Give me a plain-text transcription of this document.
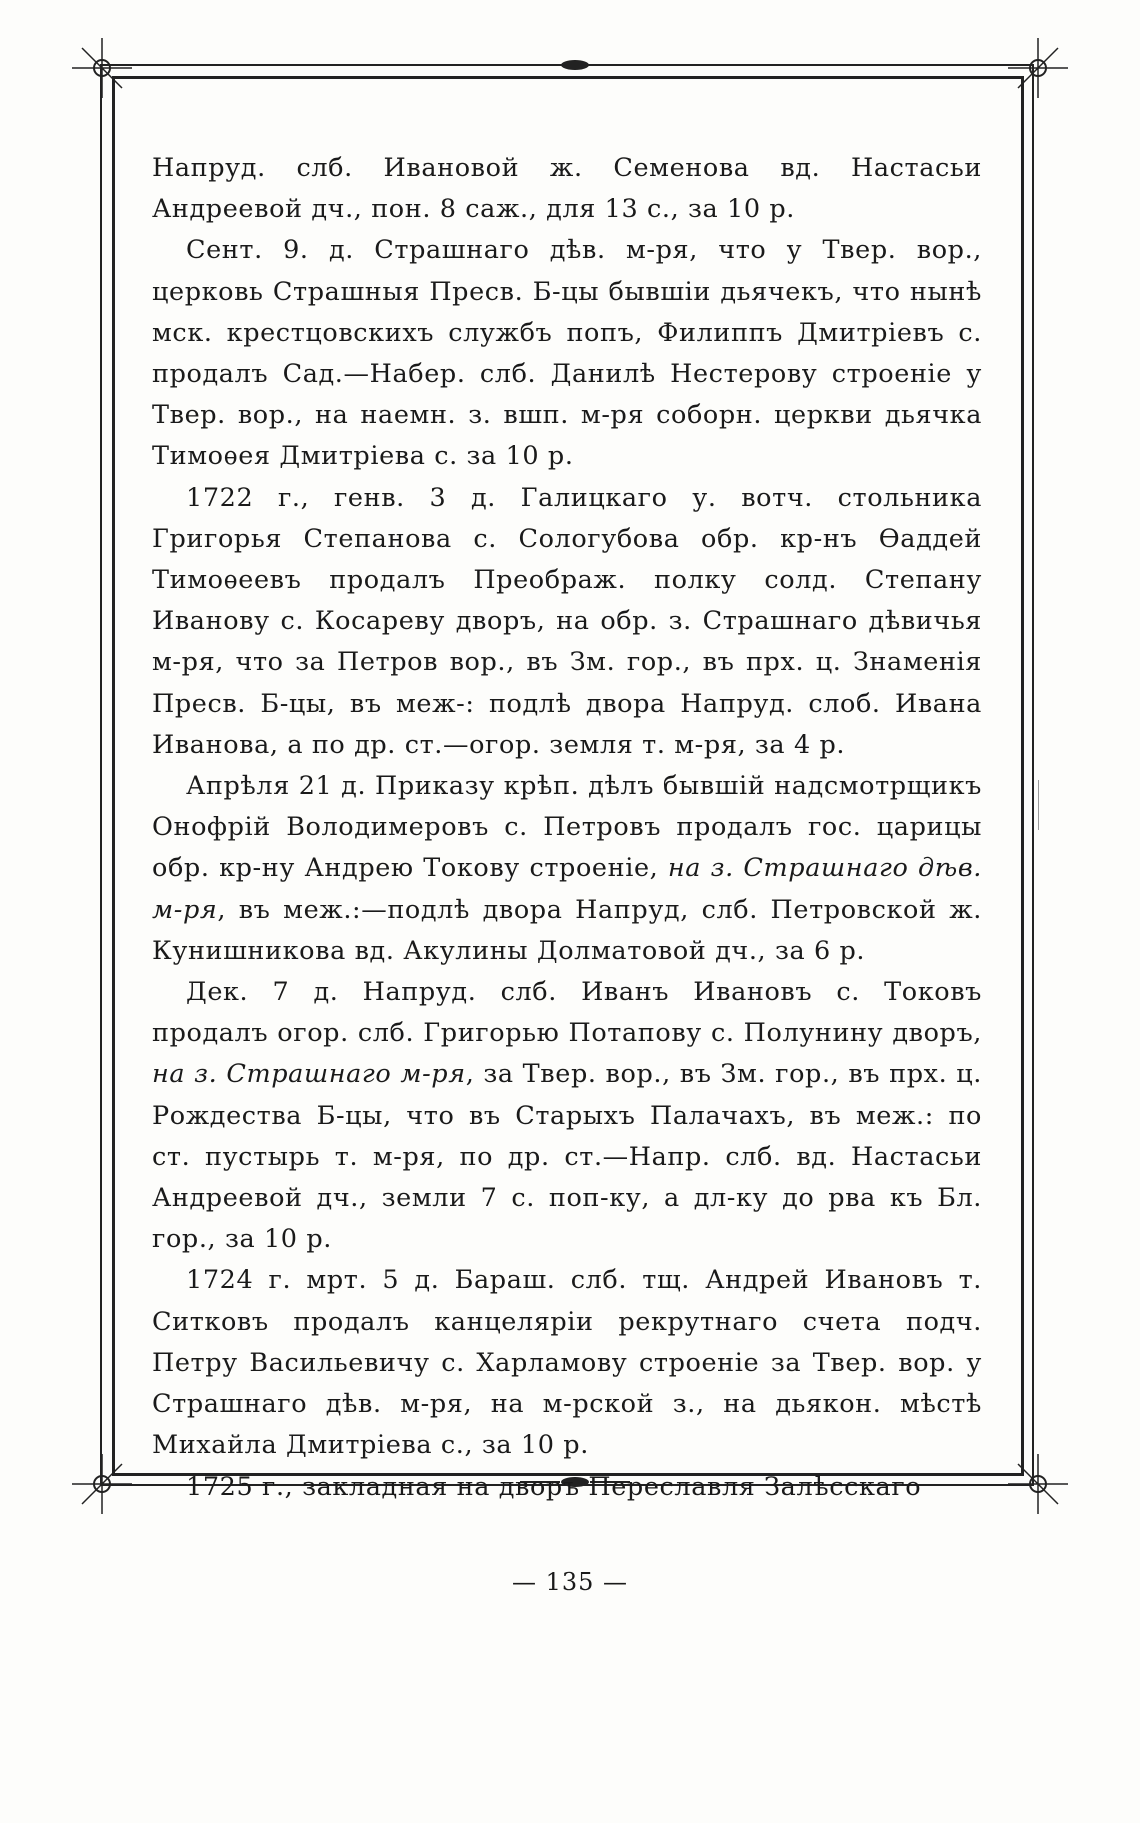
Напруд. слб. Ивановой ж. Семенова вд. Настасьи Андреевой дч., пон. 8 саж., для 13 с., за 10 р.

Сент. 9. д. Страшнаго дѣв. м-ря, что у Твер. вор., церковь Страшныя Пресв. Б-цы бывшіи дьячекъ, что нынѣ мск. крестцовскихъ службъ попъ, Филиппъ Дмитріевъ с. продалъ Сад.—Набер. слб. Данилѣ Нестерову строеніе у Твер. вор., на наемн. з. вшп. м-ря соборн. церкви дьячка Тимоѳея Дмитріева с. за 10 р.

1722 г., генв. 3 д. Галицкаго у. вотч. стольника Григорья Степанова с. Сологубова обр. кр-нъ Ѳаддей Тимоѳеевъ продалъ Преображ. полку солд. Степану Иванову с. Косареву дворъ, на обр. з. Страшнаго дѣвичья м-ря, что за Петров вор., въ Зм. гор., въ прх. ц. Знаменія Пресв. Б-цы, въ меж-: подлѣ двора Напруд. слоб. Ивана Иванова, а по др. ст.—огор. земля т. м-ря, за 4 р.

Апрѣля 21 д. Приказу крѣп. дѣлъ бывшій надсмотрщикъ Онофрій Володимеровъ с. Петровъ продалъ гос. царицы обр. кр-ну Андрею Токову строеніе, на з. Страшнаго дѣв. м-ря, въ меж.:—подлѣ двора Напруд, слб. Петровской ж. Кунишникова вд. Акулины Долматовой дч., за 6 р.

Дек. 7 д. Напруд. слб. Иванъ Ивановъ с. Токовъ продалъ огор. слб. Григорью Потапову с. Полунину дворъ, на з. Страшнаго м-ря, за Твер. вор., въ Зм. гор., въ прх. ц. Рождества Б-цы, что въ Старыхъ Палачахъ, въ меж.: по ст. пустырь т. м-ря, по др. ст.—Напр. слб. вд. Настасьи Андреевой дч., земли 7 с. поп-ку, а дл-ку до рва къ Бл. гор., за 10 р.

1724 г. мрт. 5 д. Бараш. слб. тщ. Андрей Ивановъ т. Ситковъ продалъ канцеляріи рекрутнаго счета подч. Петру Васильевичу с. Харламову строеніе за Твер. вор. у Страшнаго дѣв. м-ря, на м-рской з., на дьякон. мѣстѣ Михайла Дмитріева с., за 10 р.

1725 г., закладная на дворъ Переславля Залѣсскаго

— 135 —
